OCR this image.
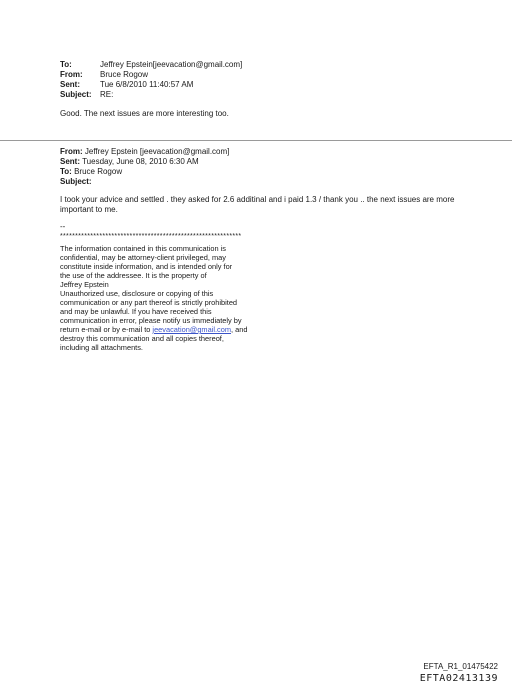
To:	Jeffrey Epstein[jeevacation@gmail.com]
From:	Bruce Rogow
Sent:	Tue 6/8/2010 11:40:57 AM
Subject:	RE:
Good. The next issues are more interesting too.
From: Jeffrey Epstein [jeevacation@gmail.com]
Sent: Tuesday, June 08, 2010 6:30 AM
To: Bruce Rogow
Subject:
I took your advice and settled . they asked for 2.6 additinal and i paid 1.3 / thank you .. the next issues are more important to me.
--
************************************************************
The information contained in this communication is
confidential, may be attorney-client privileged, may
constitute inside information, and is intended only for
the use of the addressee. It is the property of
Jeffrey Epstein
Unauthorized use, disclosure or copying of this
communication or any part thereof is strictly prohibited
and may be unlawful. If you have received this
communication in error, please notify us immediately by
return e-mail or by e-mail to jeevacation@gmail.com, and
destroy this communication and all copies thereof,
including all attachments.
EFTA_R1_01475422
EFTA02413139
